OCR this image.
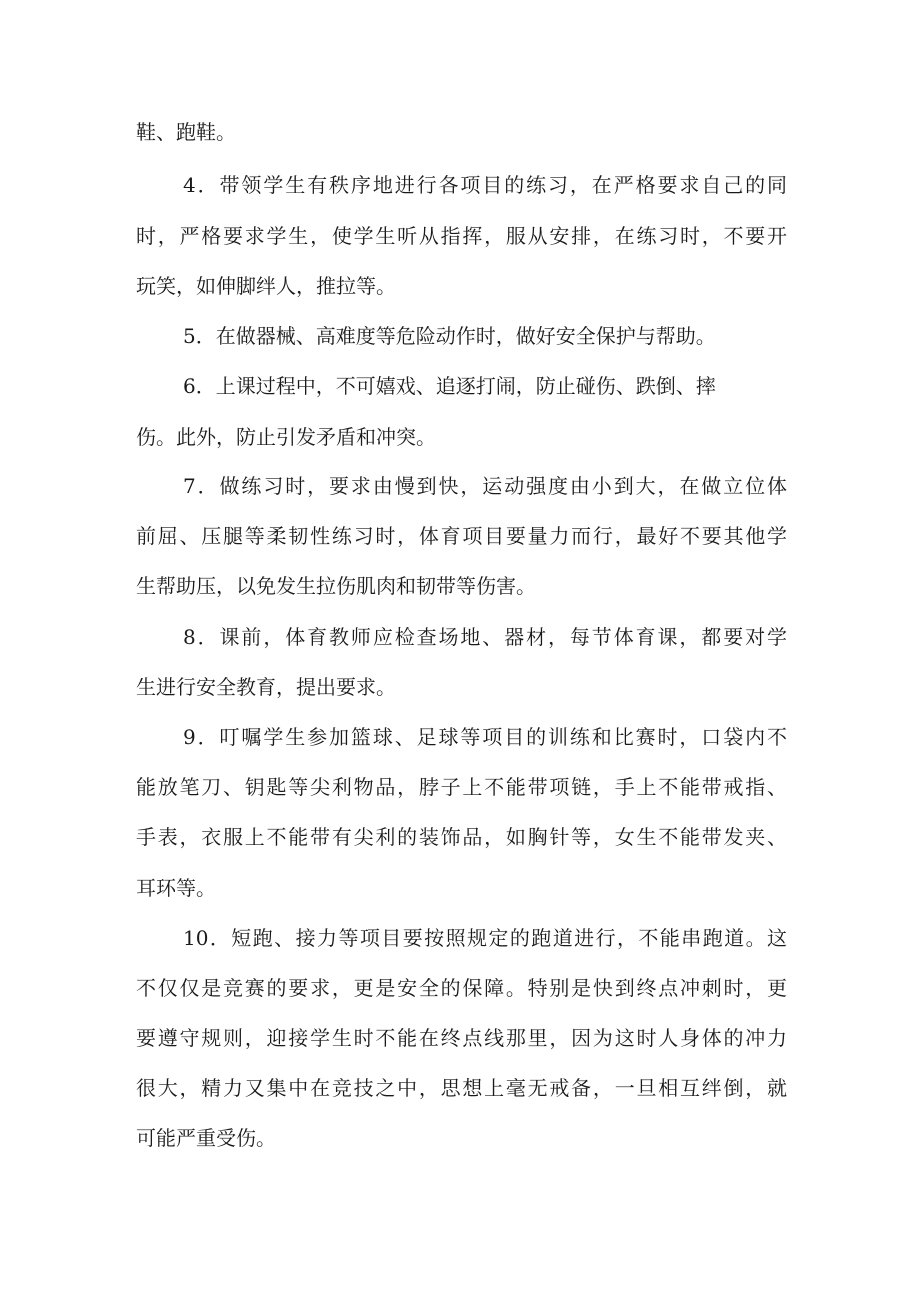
鞋、跑鞋。
4．带领学生有秩序地进行各项目的练习，在严格要求自己的同
时，严格要求学生，使学生听从指挥，服从安排，在练习时，不要开
玩笑，如伸脚绊人，推拉等。
5．在做器械、高难度等危险动作时，做好安全保护与帮助。
6．上课过程中，不可嬉戏、追逐打闹，防止碰伤、跌倒、摔
伤。此外，防止引发矛盾和冲突。
7．做练习时，要求由慢到快，运动强度由小到大，在做立位体
前屈、压腿等柔韧性练习时，体育项目要量力而行，最好不要其他学
生帮助压，以免发生拉伤肌肉和韧带等伤害。
8．课前，体育教师应检查场地、器材，每节体育课，都要对学
生进行安全教育，提出要求。
9．叮嘱学生参加篮球、足球等项目的训练和比赛时，口袋内不
能放笔刀、钥匙等尖利物品，脖子上不能带项链，手上不能带戒指、
手表，衣服上不能带有尖利的装饰品，如胸针等，女生不能带发夹、
耳环等。
10．短跑、接力等项目要按照规定的跑道进行，不能串跑道。这
不仅仅是竞赛的要求，更是安全的保障。特别是快到终点冲刺时，更
要遵守规则，迎接学生时不能在终点线那里，因为这时人身体的冲力
很大，精力又集中在竞技之中，思想上毫无戒备，一旦相互绊倒，就
可能严重受伤。
